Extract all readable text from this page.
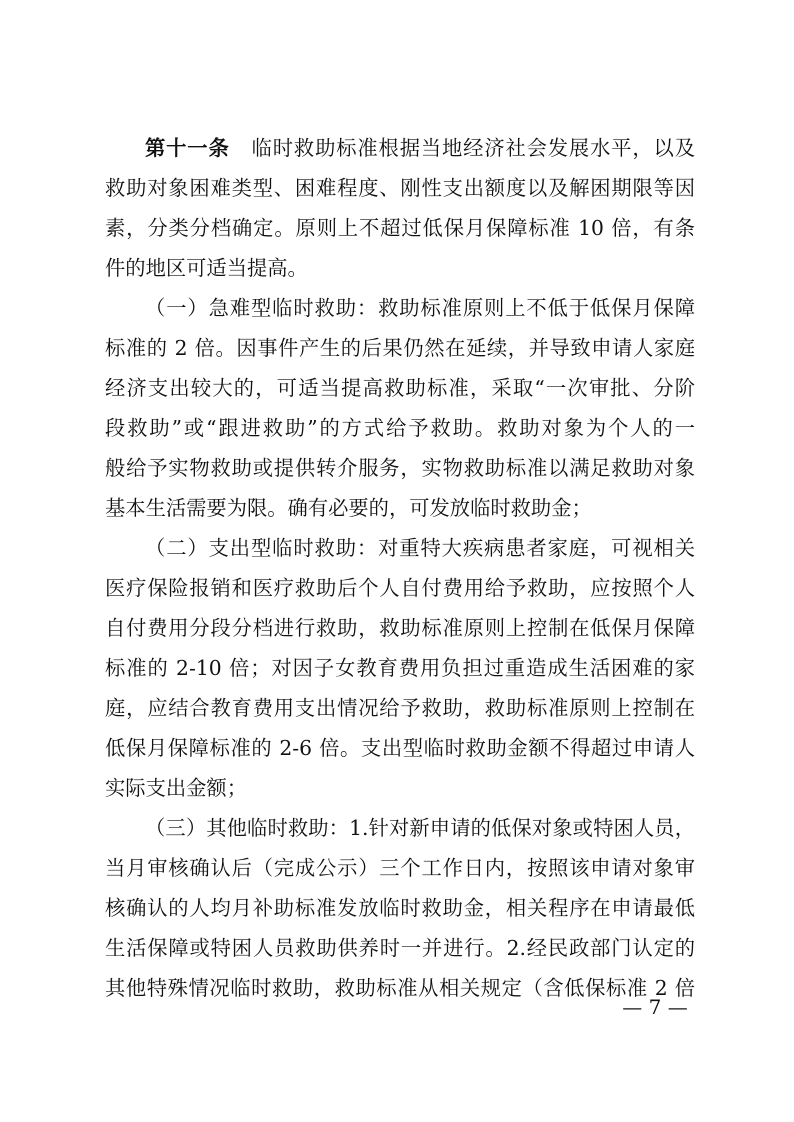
第十一条 临时救助标准根据当地经济社会发展水平，以及
救助对象困难类型、困难程度、刚性支出额度以及解困期限等因
素，分类分档确定。原则上不超过低保月保障标准 10 倍，有条
件的地区可适当提高。
（一）急难型临时救助：救助标准原则上不低于低保月保障
标准的 2 倍。因事件产生的后果仍然在延续，并导致申请人家庭
经济支出较大的，可适当提高救助标准，采取“一次审批、分阶
段救助”或“跟进救助”的方式给予救助。救助对象为个人的一
般给予实物救助或提供转介服务，实物救助标准以满足救助对象
基本生活需要为限。确有必要的，可发放临时救助金；
（二）支出型临时救助：对重特大疾病患者家庭，可视相关
医疗保险报销和医疗救助后个人自付费用给予救助，应按照个人
自付费用分段分档进行救助，救助标准原则上控制在低保月保障
标准的 2-10 倍；对因子女教育费用负担过重造成生活困难的家
庭，应结合教育费用支出情况给予救助，救助标准原则上控制在
低保月保障标准的 2-6 倍。支出型临时救助金额不得超过申请人
实际支出金额；
（三）其他临时救助：1.针对新申请的低保对象或特困人员，
当月审核确认后（完成公示）三个工作日内，按照该申请对象审
核确认的人均月补助标准发放临时救助金，相关程序在申请最低
生活保障或特困人员救助供养时一并进行。2.经民政部门认定的
其他特殊情况临时救助，救助标准从相关规定（含低保标准 2 倍
— 7 —
